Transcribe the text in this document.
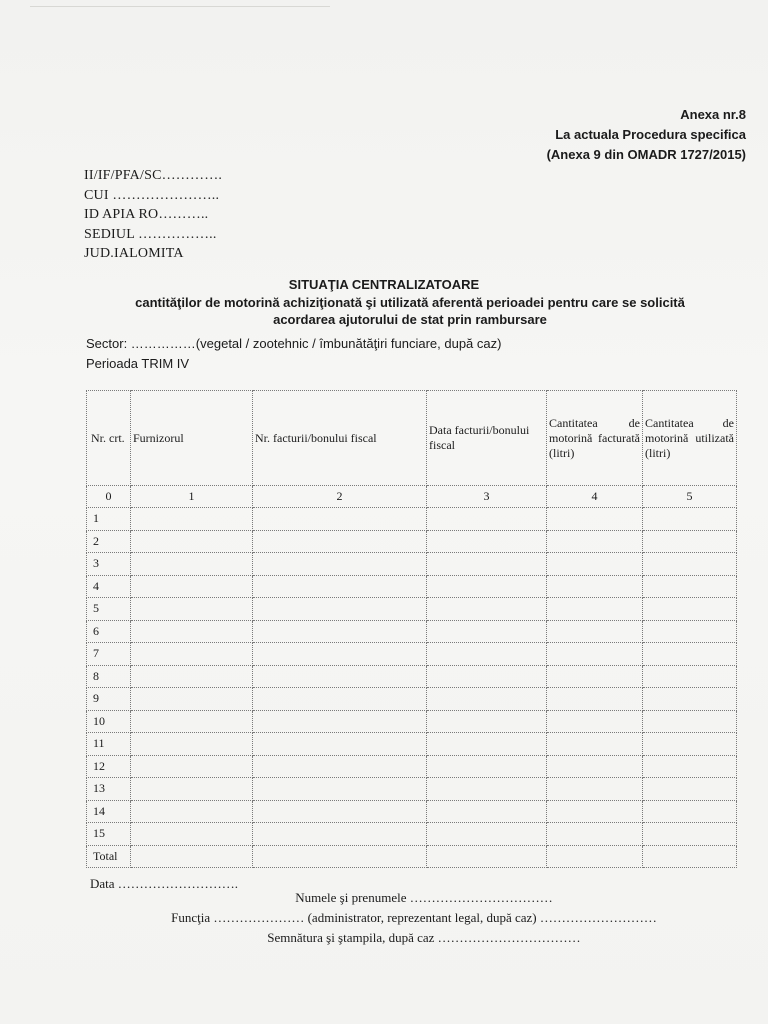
Anexa nr.8
La actuala Procedura specifica
(Anexa 9 din OMADR 1727/2015)
II/IF/PFA/SC………….
CUI …………………..
ID APIA RO………..
SEDIUL ……………..
JUD.IALOMITA
SITUAŢIA CENTRALIZATOARE
cantităţilor de motorină achiziţionată şi utilizată aferentă perioadei pentru care se solicită
acordarea ajutorului de stat prin rambursare
Sector: ……………(vegetal / zootehnic / îmbunătăţiri funciare, după caz)
Perioada TRIM IV
Nr. crt.	Furnizorul	Nr. facturii/bonului fiscal	Data facturii/bonului fiscal	Cantitatea de motorină facturată (litri)	Cantitatea de motorină utilizată (litri)
0	1	2	3	4	5
1					
2					
3					
4					
5					
6					
7					
8					
9					
10					
11					
12					
13					
14					
15					
Total					
Data ……………………….
Numele şi prenumele ……………………………
Funcţia ………………… (administrator, reprezentant legal, după caz) ………………………
Semnătura şi ştampila, după caz ……………………………
